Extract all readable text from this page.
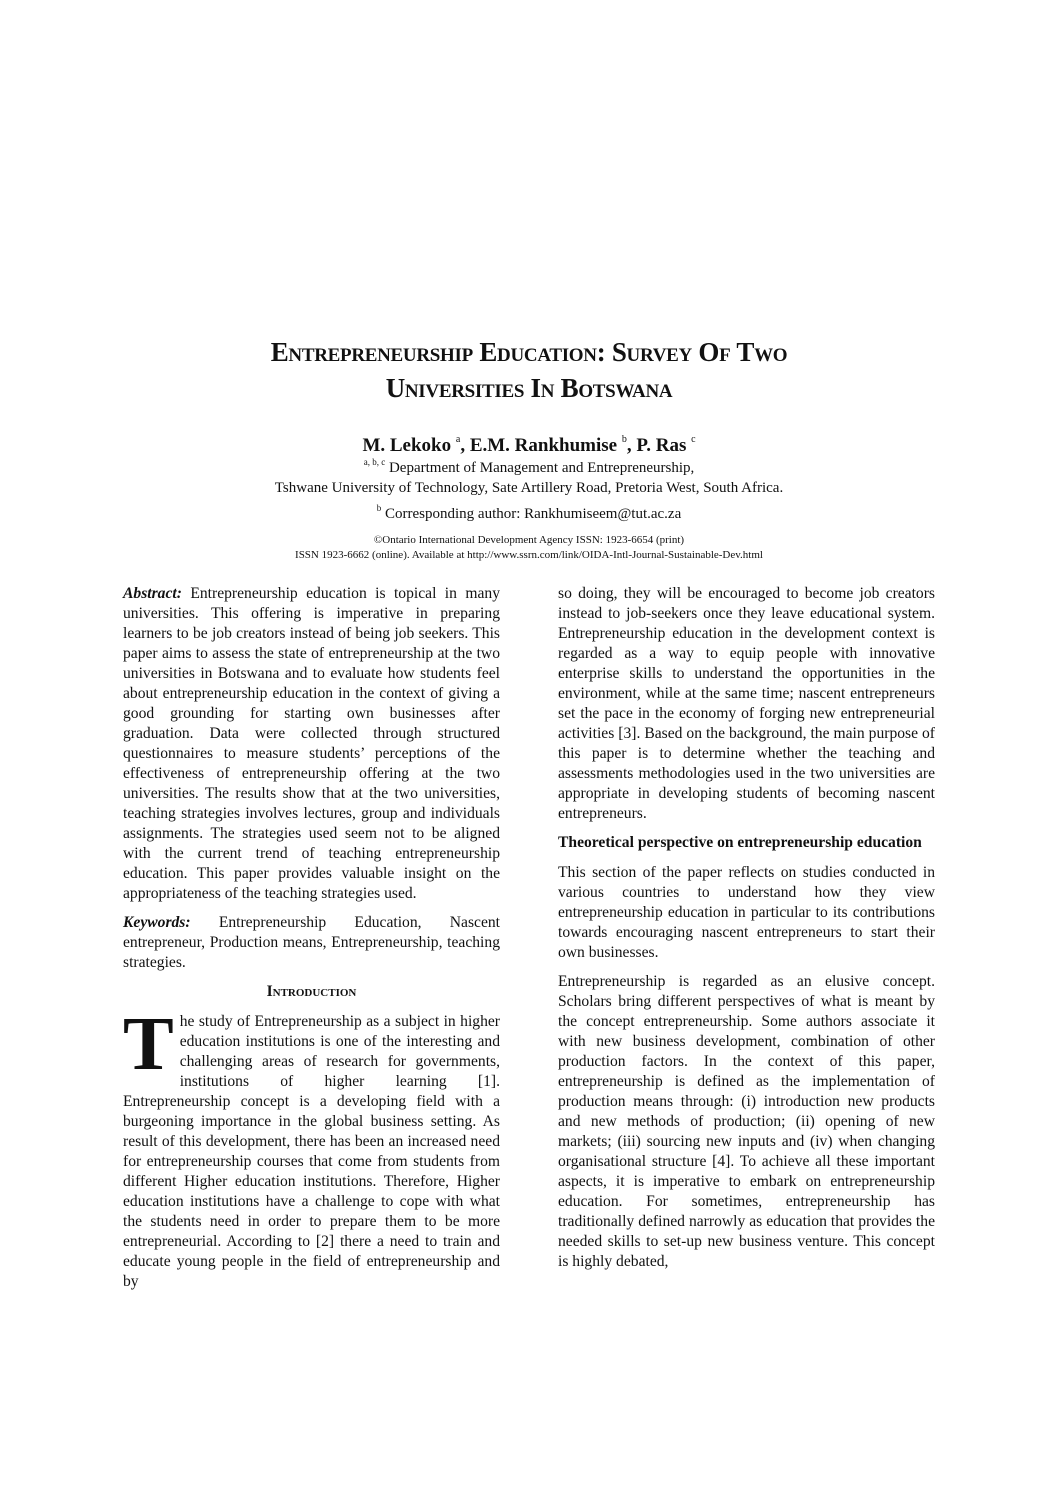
Entrepreneurship Education: Survey Of Two
Universities In Botswana
M. Lekoko $^a$, E.M. Rankhumise $^b$, P. Ras $^c$
$^{a, b, c}$ Department of Management and Entrepreneurship,
Tshwane University of Technology, Sate Artillery Road, Pretoria West, South Africa.
$^b$ Corresponding author: Rankhumiseem@tut.ac.za
©Ontario International Development Agency ISSN: 1923-6654 (print)
ISSN 1923-6662 (online). Available at http://www.ssrn.com/link/OIDA-Intl-Journal-Sustainable-Dev.html

Abstract: Entrepreneurship education is topical in many universities. This offering is imperative in preparing learners to be job creators instead of being job seekers. This paper aims to assess the state of entrepreneurship at the two universities in Botswana and to evaluate how students feel about entrepreneurship education in the context of giving a good grounding for starting own businesses after graduation. Data were collected through structured questionnaires to measure students’ perceptions of the effectiveness of entrepreneurship offering at the two universities. The results show that at the two universities, teaching strategies involves lectures, group and individuals assignments. The strategies used seem not to be aligned with the current trend of teaching entrepreneurship education. This paper provides valuable insight on the appropriateness of the teaching strategies used.

Keywords: Entrepreneurship Education, Nascent entrepreneur, Production means, Entrepreneurship, teaching strategies.

Introduction

The study of Entrepreneurship as a subject in higher education institutions is one of the interesting and challenging areas of research for governments, institutions of higher learning [1]. Entrepreneurship concept is a developing field with a burgeoning importance in the global business setting. As result of this development, there has been an increased need for entrepreneurship courses that come from students from different Higher education institutions. Therefore, Higher education institutions have a challenge to cope with what the students need in order to prepare them to be more entrepreneurial. According to [2] there a need to train and educate young people in the field of entrepreneurship and by

so doing, they will be encouraged to become job creators instead to job-seekers once they leave educational system. Entrepreneurship education in the development context is regarded as a way to equip people with innovative enterprise skills to understand the opportunities in the environment, while at the same time; nascent entrepreneurs set the pace in the economy of forging new entrepreneurial activities [3]. Based on the background, the main purpose of this paper is to determine whether the teaching and assessments methodologies used in the two universities are appropriate in developing students of becoming nascent entrepreneurs.

Theoretical perspective on entrepreneurship education

This section of the paper reflects on studies conducted in various countries to understand how they view entrepreneurship education in particular to its contributions towards encouraging nascent entrepreneurs to start their own businesses.

Entrepreneurship is regarded as an elusive concept. Scholars bring different perspectives of what is meant by the concept entrepreneurship. Some authors associate it with new business development, combination of other production factors. In the context of this paper, entrepreneurship is defined as the implementation of production means through: (i) introduction new products and new methods of production; (ii) opening of new markets; (iii) sourcing new inputs and (iv) when changing organisational structure [4]. To achieve all these important aspects, it is imperative to embark on entrepreneurship education. For sometimes, entrepreneurship has traditionally defined narrowly as education that provides the needed skills to set-up new business venture. This concept is highly debated,
